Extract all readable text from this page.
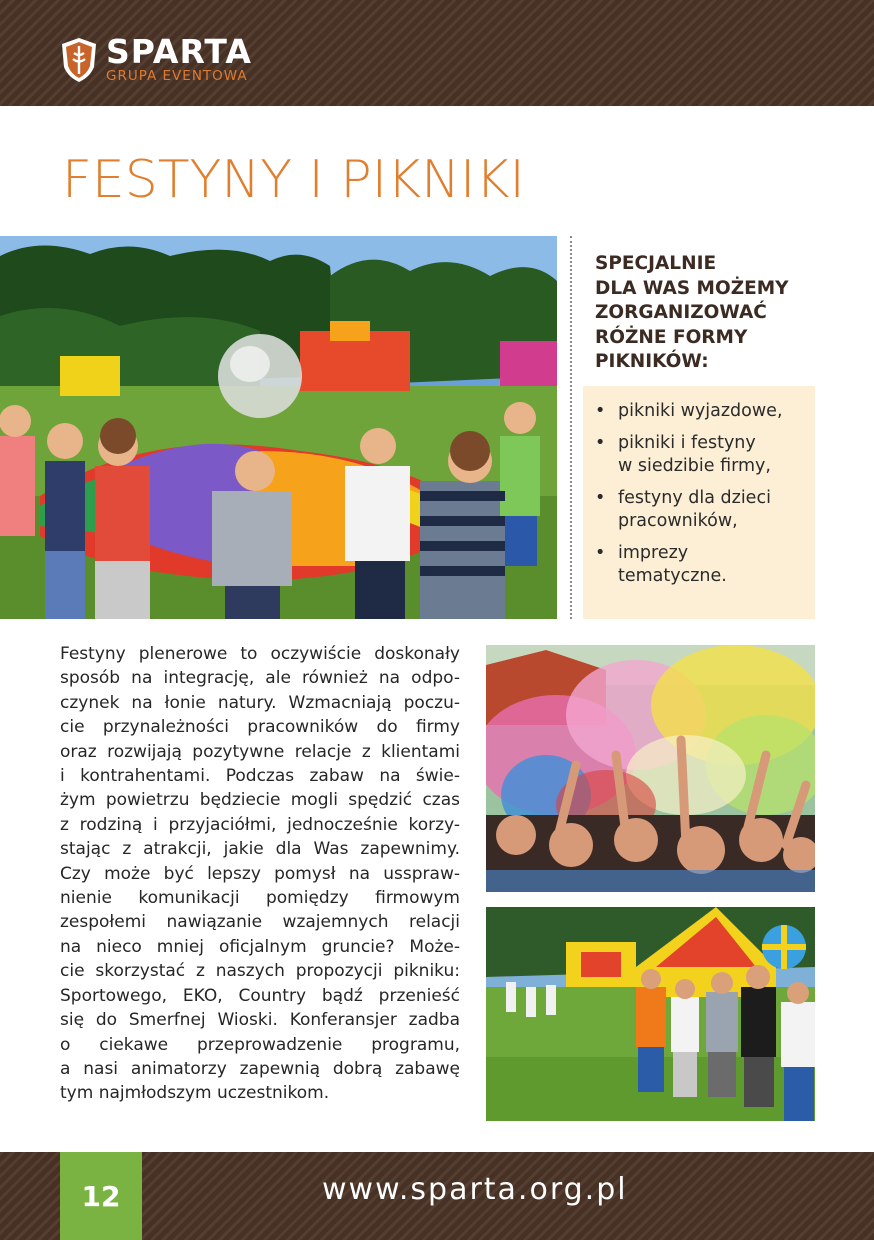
SPARTA
GRUPA EVENTOWA
FESTYNY I PIKNIKI
SPECJALNIE
DLA WAS MOŻEMY
ZORGANIZOWAĆ
RÓŻNE FORMY
PIKNIKÓW:
• pikniki wyjazdowe,
• pikniki i festyny
w siedzibie firmy,
• festyny dla dzieci
pracowników,
• imprezy
tematyczne.
Festyny plenerowe to oczywiście doskonały
sposób na integrację, ale również na odpo-
czynek na łonie natury. Wzmacniają poczu-
cie przynależności pracowników do firmy
oraz rozwijają pozytywne relacje z klientami
i kontrahentami. Podczas zabaw na świe-
żym powietrzu będziecie mogli spędzić czas
z rodziną i przyjaciółmi, jednocześnie korzy-
stając z atrakcji, jakie dla Was zapewnimy.
Czy może być lepszy pomysł na usspraw-
nienie komunikacji pomiędzy firmowym
zespołemi nawiązanie wzajemnych relacji
na nieco mniej oficjalnym gruncie? Może-
cie skorzystać z naszych propozycji pikniku:
Sportowego, EKO, Country bądź przenieść
się do Smerfnej Wioski. Konferansjer zadba
o ciekawe przeprowadzenie programu,
a nasi animatorzy zapewnią dobrą zabawę
tym najmłodszym uczestnikom.
12	www.sparta.org.pl
